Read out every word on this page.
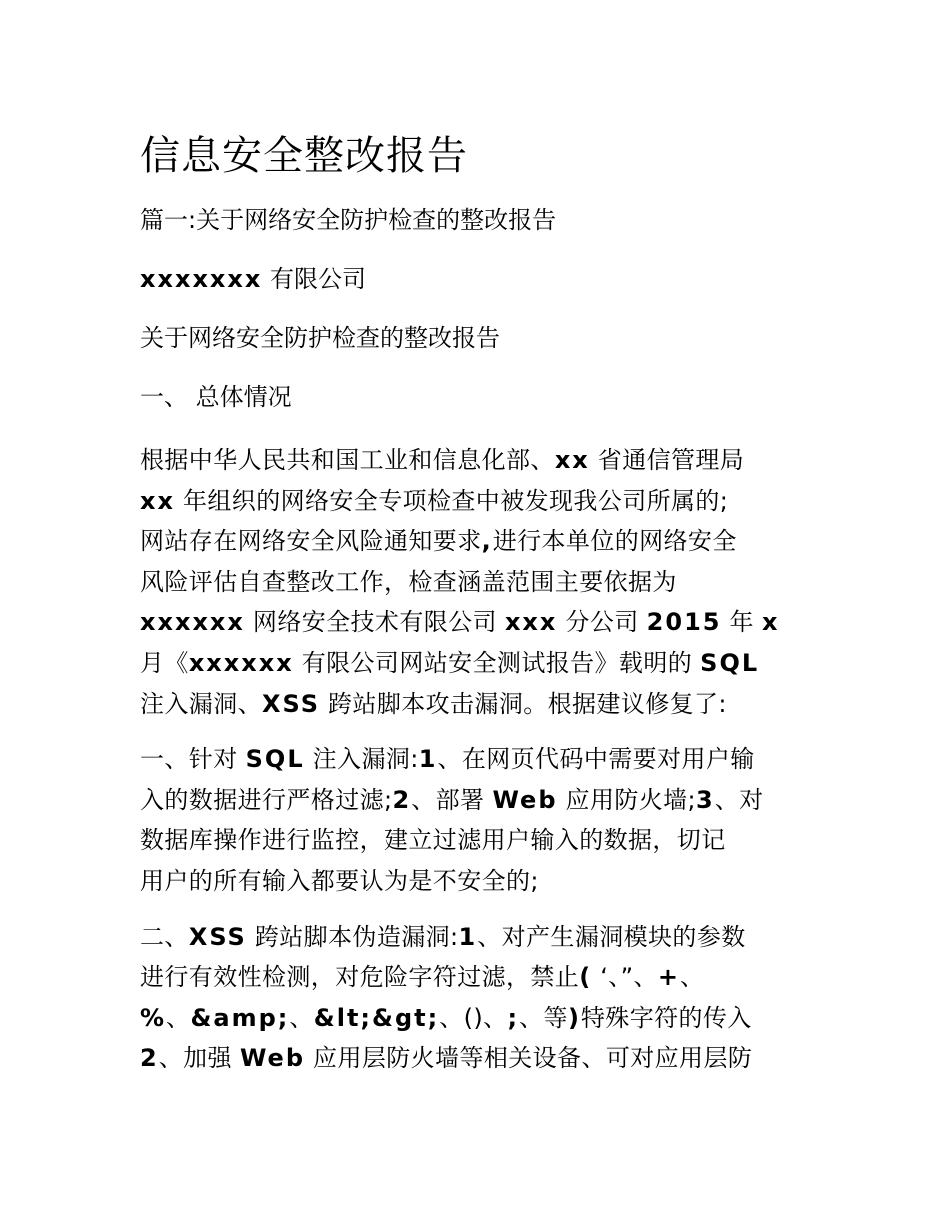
信息安全整改报告
篇一:关于网络安全防护检查的整改报告
xxxxxxx 有限公司
关于网络安全防护检查的整改报告
一、 总体情况
根据中华人民共和国工业和信息化部、xx 省通信管理局
xx 年组织的网络安全专项检查中被发现我公司所属的;
网站存在网络安全风险通知要求,进行本单位的网络安全
风险评估自查整改工作，检查涵盖范围主要依据为
xxxxxx 网络安全技术有限公司 xxx 分公司 2015 年 x
月《xxxxxx 有限公司网站安全测试报告》载明的 SQL
注入漏洞、XSS 跨站脚本攻击漏洞。根据建议修复了:
一、针对 SQL 注入漏洞:1、在网页代码中需要对用户输
入的数据进行严格过滤;2、部署 Web 应用防火墙;3、对
数据库操作进行监控，建立过滤用户输入的数据，切记
用户的所有输入都要认为是不安全的;
二、XSS 跨站脚本伪造漏洞:1、对产生漏洞模块的参数
进行有效性检测，对危险字符过滤，禁止( ‘、”、+、
%、&amp;、&lt;&gt;、()、;、等)特殊字符的传入
2、加强 Web 应用层防火墙等相关设备、可对应用层防
